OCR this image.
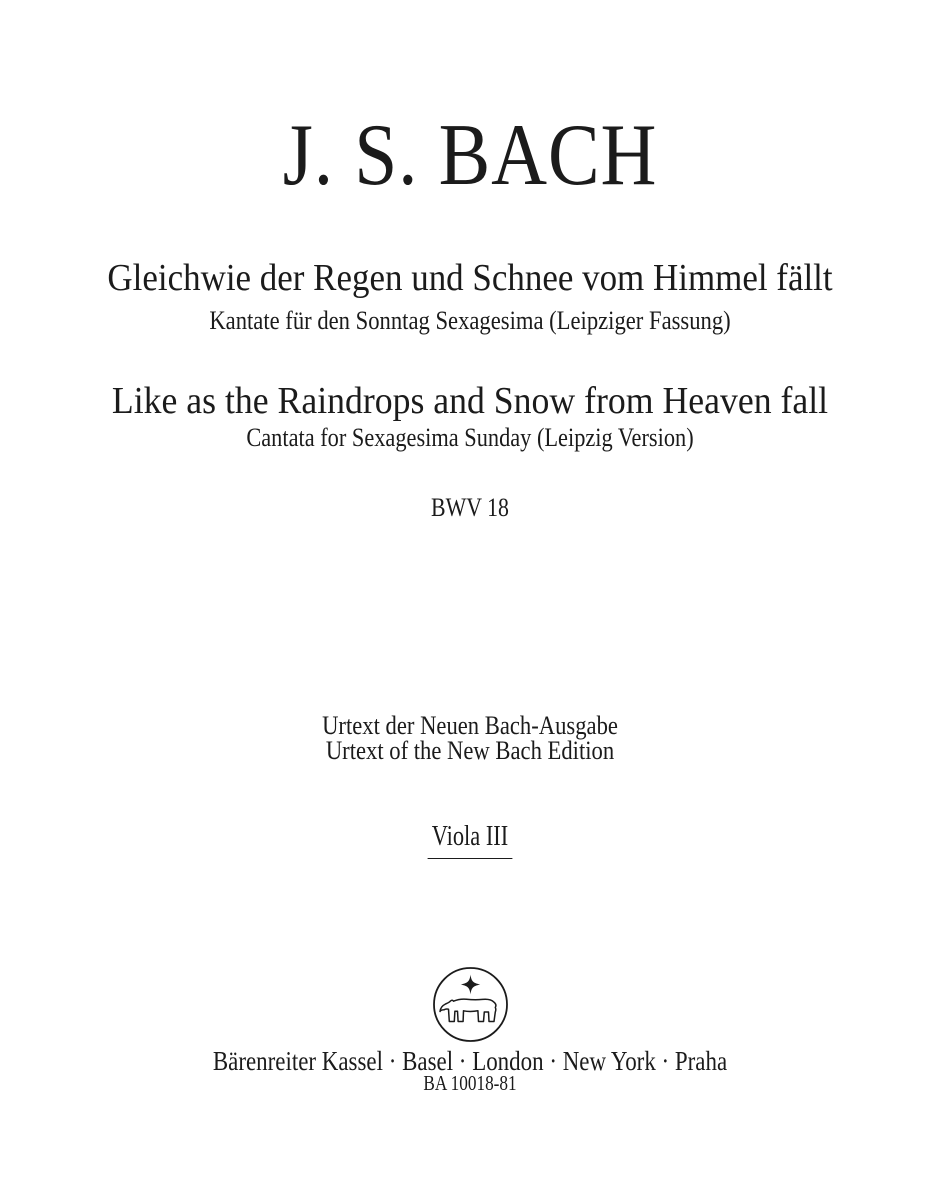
J. S. BACH
Gleichwie der Regen und Schnee vom Himmel fällt
Kantate für den Sonntag Sexagesima (Leipziger Fassung)
Like as the Raindrops and Snow from Heaven fall
Cantata for Sexagesima Sunday (Leipzig Version)
BWV 18
Urtext der Neuen Bach-Ausgabe
Urtext of the New Bach Edition
Viola III
Bärenreiter Kassel · Basel · London · New York · Praha
BA 10018-81
